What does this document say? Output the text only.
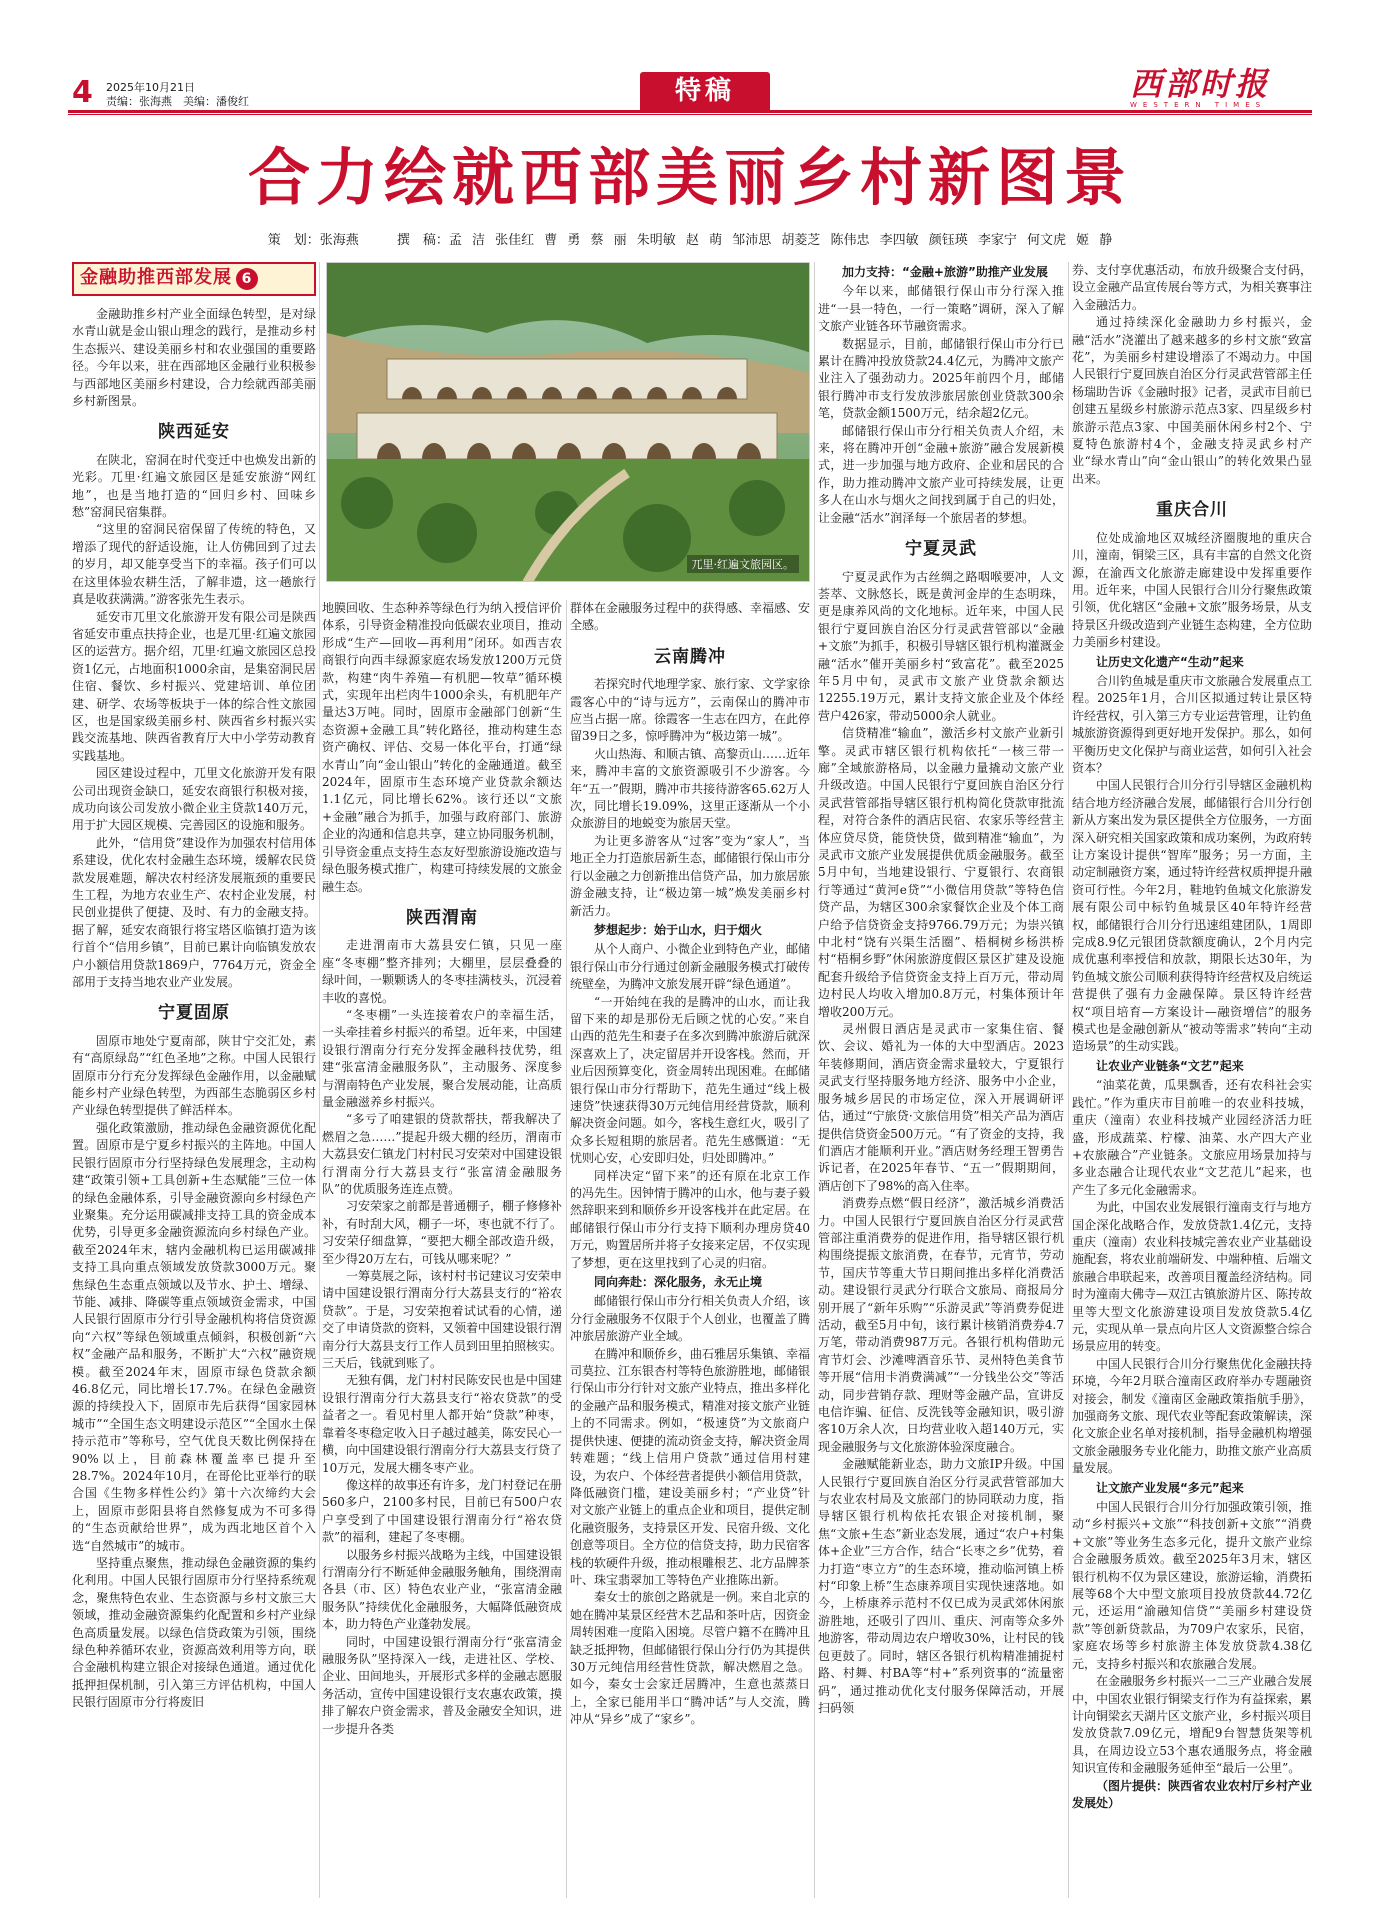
4 2025年10月21日
责编：张海燕　美编：潘俊红	特稿	西部时报
WESTERN TIMES
合力绘就西部美丽乡村新图景
策　划：张海燕	撰　稿：孟 洁 张佳红 曹 勇 蔡 丽 朱明敏 赵 萌 邹沛思 胡菱芝 陈伟忠 李四敏 颜钰瑛 李家宁 何文虎 姬 静
兀里·红遍文旅园区。
金融助推西部发展 6

金融助推乡村产业全面绿色转型，是对绿水青山就是金山银山理念的践行，是推动乡村生态振兴、建设美丽乡村和农业强国的重要路径。今年以来，驻在西部地区金融行业积极参与西部地区美丽乡村建设，合力绘就西部美丽乡村新图景。

陕西延安

在陕北，窑洞在时代变迁中也焕发出新的光彩。兀里·红遍文旅园区是延安旅游“网红地”，也是当地打造的“回归乡村、回味乡愁”窑洞民宿集群。

“这里的窑洞民宿保留了传统的特色，又增添了现代的舒适设施，让人仿佛回到了过去的岁月，却又能享受当下的幸福。孩子们可以在这里体验农耕生活，了解非遗，这一趟旅行真是收获满满。”游客张先生表示。

延安市兀里文化旅游开发有限公司是陕西省延安市重点扶持企业，也是兀里·红遍文旅园区的运营方。据介绍，兀里·红遍文旅园区总投资1亿元，占地面积1000余亩，是集窑洞民居住宿、餐饮、乡村振兴、党建培训、单位团建、研学、农场等板块于一体的综合性文旅园区，也是国家级美丽乡村、陕西省乡村振兴实践交流基地、陕西省教育厅大中小学劳动教育实践基地。

园区建设过程中，兀里文化旅游开发有限公司出现资金缺口，延安农商银行积极对接，成功向该公司发放小微企业主贷款140万元，用于扩大园区规模、完善园区的设施和服务。

此外，“信用贷”建设作为加强农村信用体系建设，优化农村金融生态环境，缓解农民贷款发展难题，解决农村经济发展瓶颈的重要民生工程，为地方农业生产、农村企业发展，村民创业提供了便捷、及时、有力的金融支持。据了解，延安农商银行将宝塔区临镇打造为该行首个“信用乡镇”，目前已累计向临镇发放农户小额信用贷款1869户，7764万元，资金全部用于支持当地农业产业发展。

宁夏固原

固原市地处宁夏南部，陕甘宁交汇处，素有“高原绿岛”“红色圣地”之称。中国人民银行固原市分行充分发挥绿色金融作用，以金融赋能乡村产业绿色转型，为西部生态脆弱区乡村产业绿色转型提供了鲜活样本。

强化政策激励，推动绿色金融资源优化配置。固原市是宁夏乡村振兴的主阵地。中国人民银行固原市分行坚持绿色发展理念，主动构建“政策引领+工具创新+生态赋能”三位一体的绿色金融体系，引导金融资源向乡村绿色产业聚集。充分运用碳减排支持工具的资金成本优势，引导更多金融资源流向乡村绿色产业。截至2024年末，辖内金融机构已运用碳减排支持工具向重点领域发放贷款3000万元。聚焦绿色生态重点领域以及节水、护土、增绿、节能、减排、降碳等重点领域资金需求，中国人民银行固原市分行引导金融机构将信贷资源向“六权”等绿色领域重点倾斜，积极创新“六权”金融产品和服务，不断扩大“六权”融资规模。截至2024年末，固原市绿色贷款余额46.8亿元，同比增长17.7%。在绿色金融资源的持续投入下，固原市先后获得“国家园林城市”“全国生态文明建设示范区”“全国水土保持示范市”等称号，空气优良天数比例保持在90%以上，目前森林覆盖率已提升至28.7%。2024年10月，在哥伦比亚举行的联合国《生物多样性公约》第十六次缔约大会上，固原市彭阳县将自然修复成为不可多得的“生态贡献给世界”，成为西北地区首个入选“自然城市”的城市。

坚持重点聚焦，推动绿色金融资源的集约化利用。中国人民银行固原市分行坚持系统观念，聚焦特色农业、生态资源与乡村文旅三大领域，推动金融资源集约化配置和乡村产业绿色高质量发展。以绿色信贷政策为引领，围绕绿色种养循环农业，资源高效利用等方向，联合金融机构建立银企对接绿色通道。通过优化抵押担保机制，引入第三方评估机构，中国人民银行固原市分行将废旧

地膜回收、生态种养等绿色行为纳入授信评价体系，引导资金精准投向低碳农业项目，推动形成“生产—回收—再利用”闭环。如西吉农商银行向西丰绿源家庭农场发放1200万元贷款，构建“肉牛养殖—有机肥—牧草”循环模式，实现年出栏肉牛1000余头，有机肥年产量达3万吨。同时，固原市金融部门创新“生态资源+金融工具”转化路径，推动构建生态资产确权、评估、交易一体化平台，打通“绿水青山”向“金山银山”转化的金融通道。截至2024年，固原市生态环境产业贷款余额达1.1亿元，同比增长62%。该行还以“文旅+金融”融合为抓手，加强与政府部门、旅游企业的沟通和信息共享，建立协同服务机制，引导资金重点支持生态友好型旅游设施改造与绿色服务模式推广，构建可持续发展的文旅金融生态。

陕西渭南

走进渭南市大荔县安仁镇，只见一座座“冬枣棚”整齐排列；大棚里，层层叠叠的绿叶间，一颗颗诱人的冬枣挂满枝头，沉浸着丰收的喜悦。

“冬枣棚”一头连接着农户的幸福生活，一头牵挂着乡村振兴的希望。近年来，中国建设银行渭南分行充分发挥金融科技优势，组建“张富清金融服务队”，主动服务、深度参与渭南特色产业发展，聚合发展动能，让高质量金融滋养乡村振兴。

“多亏了咱建银的贷款帮扶，帮我解决了燃眉之急……”提起升级大棚的经历，渭南市大荔县安仁镇龙门村村民习安荣对中国建设银行渭南分行大荔县支行“张富清金融服务队”的优质服务连连点赞。

习安荣家之前都是普通棚子，棚子修修补补，有时刮大风，棚子一坏，枣也就不行了。习安荣仔细盘算，“要把大棚全部改造升级，至少得20万左右，可钱从哪来呢？”

一筹莫展之际，该村村书记建议习安荣申请中国建设银行渭南分行大荔县支行的“裕农贷款”。于是，习安荣抱着试试看的心情，递交了申请贷款的资料，又领着中国建设银行渭南分行大荔县支行工作人员到田里拍照核实。三天后，钱就到账了。

无独有偶，龙门村村民陈安民也是中国建设银行渭南分行大荔县支行“裕农贷款”的受益者之一。看见村里人都开始“贷款”种枣，靠着冬枣稳定收入日子越过越美，陈安民心一横，向中国建设银行渭南分行大荔县支行贷了10万元，发展大棚冬枣产业。

像这样的故事还有许多，龙门村登记在册560多户，2100多村民，目前已有500户农户享受到了中国建设银行渭南分行“裕农贷款”的福利，建起了冬枣棚。

以服务乡村振兴战略为主线，中国建设银行渭南分行不断延伸金融服务触角，围绕渭南各县（市、区）特色农业产业，“张富清金融服务队”持续优化金融服务，大幅降低融资成本，助力特色产业蓬勃发展。

同时，中国建设银行渭南分行“张富清金融服务队”坚持深入一线，走进社区、学校、企业、田间地头，开展形式多样的金融志愿服务活动，宣传中国建设银行支农惠农政策，摸排了解农户资金需求，普及金融安全知识，进一步提升各类

群体在金融服务过程中的获得感、幸福感、安全感。

云南腾冲

若探究时代地理学家、旅行家、文学家徐霞客心中的“诗与远方”，云南保山的腾冲市应当占据一席。徐霞客一生志在四方，在此停留39日之多，惊呼腾冲为“极边第一城”。

火山热海、和顺古镇、高黎贡山……近年来，腾冲丰富的文旅资源吸引不少游客。今年“五一”假期，腾冲市共接待游客65.62万人次，同比增长19.09%，这里正逐渐从一个小众旅游目的地蜕变为旅居天堂。

为让更多游客从“过客”变为“家人”，当地正全力打造旅居新生态，邮储银行保山市分行以金融之力创新推出信贷产品，加力旅居旅游金融支持，让“极边第一城”焕发美丽乡村新活力。

梦想起步：始于山水，归于烟火

从个人商户、小微企业到特色产业，邮储银行保山市分行通过创新金融服务模式打破传统壁垒，为腾冲文旅发展开辟“绿色通道”。

“一开始纯在我的是腾冲的山水，而让我留下来的却是那份无后顾之忧的心安。”来自山西的范先生和妻子在多次到腾冲旅游后就深深喜欢上了，决定留居并开设客栈。然而，开业后因预算变化，资金周转出现困难。在邮储银行保山市分行帮助下，范先生通过“线上极速贷”快速获得30万元纯信用经营贷款，顺利解决资金问题。如今，客栈生意红火，吸引了众多长短租期的旅居者。范先生感慨道：“无忧则心安，心安即归处，归处即腾冲。”

同样决定“留下来”的还有原在北京工作的冯先生。因钟情于腾冲的山水，他与妻子毅然辞职来到和顺侨乡开设客栈并在此定居。在邮储银行保山市分行支持下顺利办理房贷40万元，购置居所并将子女接来定居，不仅实现了梦想，更在这里找到了心灵的归宿。

同向奔赴：深化服务，永无止境

邮储银行保山市分行相关负责人介绍，该分行金融服务不仅限于个人创业，也覆盖了腾冲旅居旅游产业全域。

在腾冲和顺侨乡，曲石雅居乐集镇、幸福司莫拉、江东银杏村等特色旅游胜地，邮储银行保山市分行针对文旅产业特点，推出多样化的金融产品和服务模式，精准对接文旅产业链上的不同需求。例如，“极速贷”为文旅商户提供快速、便捷的流动资金支持，解决资金周转难题；“线上信用户贷款”通过信用村建设，为农户、个体经营者提供小额信用贷款，降低融资门槛，建设美丽乡村；“产业贷”针对文旅产业链上的重点企业和项目，提供定制化融资服务，支持景区开发、民宿升级、文化创意等项目。全方位的信贷支持，助力民宿客栈的软硬件升级，推动根雕根艺、北方品牌茶叶、珠宝翡翠加工等特色产业推陈出新。

秦女士的旅创之路就是一例。来自北京的她在腾冲某景区经营木艺品和茶叶店，因资金周转困难一度陷入困境。尽管户籍不在腾冲且缺乏抵押物，但邮储银行保山分行仍为其提供30万元纯信用经营性贷款，解决燃眉之急。如今，秦女士会家迁居腾冲，生意也蒸蒸日上，全家已能用半口“腾冲话”与人交流，腾冲从“异乡”成了“家乡”。

加力支持：“金融+旅游”助推产业发展

今年以来，邮储银行保山市分行深入推进“一县一特色，一行一策略”调研，深入了解文旅产业链各环节融资需求。

数据显示，目前，邮储银行保山市分行已累计在腾冲投放贷款24.4亿元，为腾冲文旅产业注入了强劲动力。2025年前四个月，邮储银行腾冲市支行发放涉旅居旅创业贷款300余笔，贷款金额1500万元，结余超2亿元。

邮储银行保山市分行相关负责人介绍，未来，将在腾冲开创“金融+旅游”融合发展新模式，进一步加强与地方政府、企业和居民的合作，助力推动腾冲文旅产业可持续发展，让更多人在山水与烟火之间找到属于自己的归处，让金融“活水”润泽每一个旅居者的梦想。

宁夏灵武

宁夏灵武作为古丝绸之路咽喉要冲，人文荟萃、文脉悠长，既是黄河金岸的生态明珠，更是康养风尚的文化地标。近年来，中国人民银行宁夏回族自治区分行灵武营管部以“金融+文旅”为抓手，积极引导辖区银行机构灌溉金融“活水”催开美丽乡村“致富花”。截至2025年5月中旬，灵武市文旅产业贷款余额达12255.19万元，累计支持文旅企业及个体经营户426家，带动5000余人就业。

信贷精准“输血”，激活乡村文旅产业新引擎。灵武市辖区银行机构依托“一核三带一廊”全域旅游格局，以金融力量撬动文旅产业升级改造。中国人民银行宁夏回族自治区分行灵武营管部指导辖区银行机构简化贷款审批流程，对符合条件的酒店民宿、农家乐等经营主体应贷尽贷，能贷快贷，做到精准“输血”，为灵武市文旅产业发展提供优质金融服务。截至5月中旬，当地建设银行、宁夏银行、农商银行等通过“黄河e贷”“小微信用贷款”等特色信贷产品，为辖区300余家餐饮企业及个体工商户给予信贷资金支持9766.79万元；为崇兴镇中北村“饶有兴渠生活圈”、梧桐树乡杨洪桥村“梧桐乡野”休闲旅游度假区景区扩建及设施配套升级给予信贷资金支持上百万元，带动周边村民人均收入增加0.8万元，村集体预计年增收200万元。

灵州假日酒店是灵武市一家集住宿、餐饮、会议、婚礼为一体的大中型酒店。2023年装修期间，酒店资金需求量较大，宁夏银行灵武支行坚持服务地方经济、服务中小企业，服务城乡居民的市场定位，深入开展调研评估，通过“宁旅贷·文旅信用贷”相关产品为酒店提供信贷资金500万元。“有了资金的支持，我们酒店才能顺利开业。”酒店财务经理王智勇告诉记者，在2025年春节、“五一”假期期间，酒店创下了98%的高入住率。

消费券点燃“假日经济”，激活城乡消费活力。中国人民银行宁夏回族自治区分行灵武营管部注重消费券的促进作用，指导辖区银行机构围绕提振文旅消费，在春节，元宵节，劳动节，国庆节等重大节日期间推出多样化消费活动。建设银行灵武分行联合文旅局、商报局分别开展了“新年乐购”“乐游灵武”等消费券促进活动，截至5月中旬，该行累计核销消费券4.7万笔，带动消费987万元。各银行机构借助元宵节灯会、沙滩啤酒音乐节、灵州特色美食节等开展“信用卡消费满减”“一分钱坐公交”等活动，同步营销存款、理财等金融产品，宣讲反电信诈骗、征信、反洗钱等金融知识，吸引游客10万余人次，日均营业收入超140万元，实现金融服务与文化旅游体验深度融合。

金融赋能新业态，助力文旅IP升级。中国人民银行宁夏回族自治区分行灵武营管部加大与农业农村局及文旅部门的协同联动力度，指导辖区银行机构依托农银企对接机制，聚焦“文旅+生态”新业态发展，通过“农户+村集体+企业”三方合作，结合“长枣之乡”优势，着力打造“枣立方”的生态环境，推动临河镇上桥村“印象上桥”生态康养项目实现快速落地。如今，上桥康养示范村不仅已成为灵武郊休闲旅游胜地，还吸引了四川、重庆、河南等众多外地游客，带动周边农户增收30%，让村民的钱包更鼓了。同时，辖区各银行机构精准捕捉村路、村舞、村BA等“村+”系列资事的“流量密码”，通过推动优化支付服务保障活动，开展扫码领

券、支付享优惠活动，布放升级聚合支付码，设立金融产品宣传展台等方式，为相关赛事注入金融活力。

通过持续深化金融助力乡村振兴，金融“活水”浇灌出了越来越多的乡村文旅“致富花”，为美丽乡村建设增添了不竭动力。中国人民银行宁夏回族自治区分行灵武营管部主任杨瑞助告诉《金融时报》记者，灵武市目前已创建五星级乡村旅游示范点3家、四星级乡村旅游示范点3家、中国美丽休闲乡村2个、宁夏特色旅游村4个，金融支持灵武乡村产业“绿水青山”向“金山银山”的转化效果凸显出来。

重庆合川

位处成渝地区双城经济圈腹地的重庆合川，潼南，铜梁三区，具有丰富的自然文化资源，在渝西文化旅游走廊建设中发挥重要作用。近年来，中国人民银行合川分行聚焦政策引领，优化辖区“金融+文旅”服务场景，从支持景区升级改造到产业链生态构建，全方位助力美丽乡村建设。

让历史文化遗产“生动”起来

合川钓鱼城是重庆市文旅融合发展重点工程。2025年1月，合川区拟通过转让景区特许经营权，引入第三方专业运营管理，让钓鱼城旅游资源得到更好地开发保护。那么，如何平衡历史文化保护与商业运营，如何引入社会资本？

中国人民银行合川分行引导辖区金融机构结合地方经济融合发展，邮储银行合川分行创新从方案出发为景区提供全方位服务，一方面深入研究相关国家政策和成功案例，为政府转让方案设计提供“智库”服务；另一方面，主动定制融资方案，通过特许经营权质押提升融资可行性。今年2月，鞋地钓鱼城文化旅游发展有限公司中标钓鱼城景区40年特许经营权，邮储银行合川分行迅速组建团队，1周即完成8.9亿元银团贷款额度确认，2个月内完成优惠利率授信和放款，期限长达30年，为钓鱼城文旅公司顺利获得特许经营权及启统运营提供了强有力金融保障。景区特许经营权“项目培育—方案设计—融资增信”的服务模式也是金融创新从“被动等需求”转向“主动造场景”的生动实践。

让农业产业链条“文艺”起来

“油菜花黄，瓜果飘香，还有农科社会实践忙。”作为重庆市目前唯一的农业科技城，重庆（潼南）农业科技城产业园经济活力旺盛，形成蔬菜、柠檬、油菜、水产四大产业+农旅融合”产业链条。文旅应用场景加持与多业态融合让现代农业“文艺范儿”起来，也产生了多元化金融需求。

为此，中国农业发展银行潼南支行与地方国企深化战略合作，发放贷款1.4亿元，支持重庆（潼南）农业科技城完善农业产业基础设施配套，将农业前端研发、中端种植、后端文旅融合串联起来，改善项目覆盖经济结构。同时为潼南大佛寺—双江古镇旅游片区、陈抟故里等大型文化旅游建设项目发放贷款5.4亿元，实现从单一景点向片区人文资源整合综合场景应用的转变。

中国人民银行合川分行聚焦优化金融扶持环境，今年2月联合潼南区政府举办专题融资对接会，制发《潼南区金融政策指航手册》，加强商务文旅、现代农业等配套政策解读，深化文旅企业名单对接机制，指导金融机构增强文旅金融服务专业化能力，助推文旅产业高质量发展。

让文旅产业发展“多元”起来

中国人民银行合川分行加强政策引领，推动“乡村振兴+文旅”“科技创新+文旅”“消费+文旅”等业务生态多元化，提升文旅产业综合金融服务质效。截至2025年3月末，辖区银行机构不仅为景区建设，旅游运输，消费拓展等68个大中型文旅项目投放贷款44.72亿元，还运用“渝融知信贷”“美丽乡村建设贷款”等创新贷款品，为709户农家乐，民宿，家庭农场等乡村旅游主体发放贷款4.38亿元，支持乡村振兴和农旅融合发展。

在金融服务乡村振兴一二三产业融合发展中，中国农业银行铜梁支行作为有益探索，累计向铜梁玄天湖片区文旅产业，乡村振兴项目发放贷款7.09亿元，增配9台智慧货架等机具，在周边设立53个惠农通服务点，将金融知识宣传和金融服务延伸至“最后一公里”。

（图片提供：陕西省农业农村厅乡村产业发展处）
